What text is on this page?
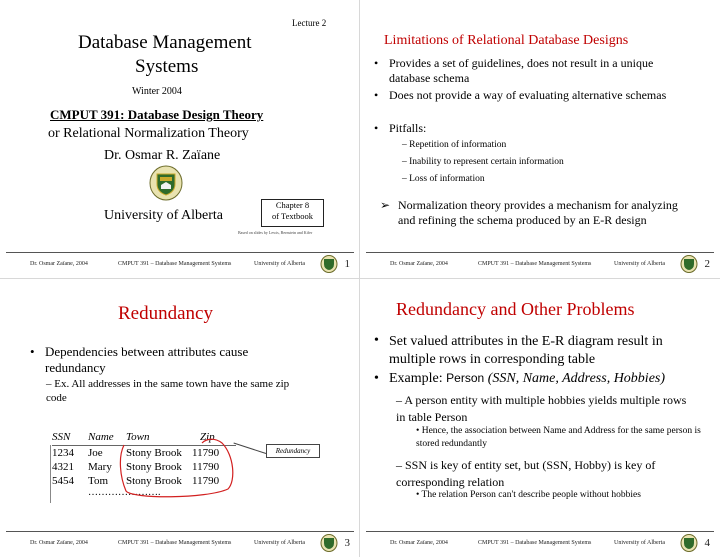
Lecture 2
Database Management
Systems
Winter 2004
CMPUT 391: Database Design Theory
or Relational Normalization Theory
Dr. Osmar R. Zaïane
Chapter 8
of Textbook
University of Alberta
Based on slides by Lewis, Bernstein and Kifer
Dr. Osmar Zaïane, 2004	CMPUT 391 – Database Management Systems	University of Alberta	1
Limitations of Relational Database Designs
• Provides a set of guidelines, does not result in a unique database schema
• Does not provide a way of evaluating alternative schemas
• Pitfalls:
– Repetition of information
– Inability to represent certain information
– Loss of information
➢ Normalization theory provides a mechanism for analyzing and refining the schema produced by an E-R design
Dr. Osmar Zaïane, 2004	CMPUT 391 – Database Management Systems	University of Alberta	2
Redundancy
• Dependencies between attributes cause redundancy
– Ex. All addresses in the same town have the same zip code
SSN Name Town	Zip
1234 Joe Stony Brook 11790
4321 Mary Stony Brook 11790
5454 Tom Stony Brook 11790
………………….
Redundancy
Dr. Osmar Zaïane, 2004	CMPUT 391 – Database Management Systems	University of Alberta	3
Redundancy and Other Problems
• Set valued attributes in the E-R diagram result in multiple rows in corresponding table
• Example: Person (SSN, Name, Address, Hobbies)
– A person entity with multiple hobbies yields multiple rows in table Person
• Hence, the association between Name and Address for the same person is stored redundantly
– SSN is key of entity set, but (SSN, Hobby) is key of corresponding relation
• The relation Person can't describe people without hobbies
Dr. Osmar Zaïane, 2004	CMPUT 391 – Database Management Systems	University of Alberta	4
